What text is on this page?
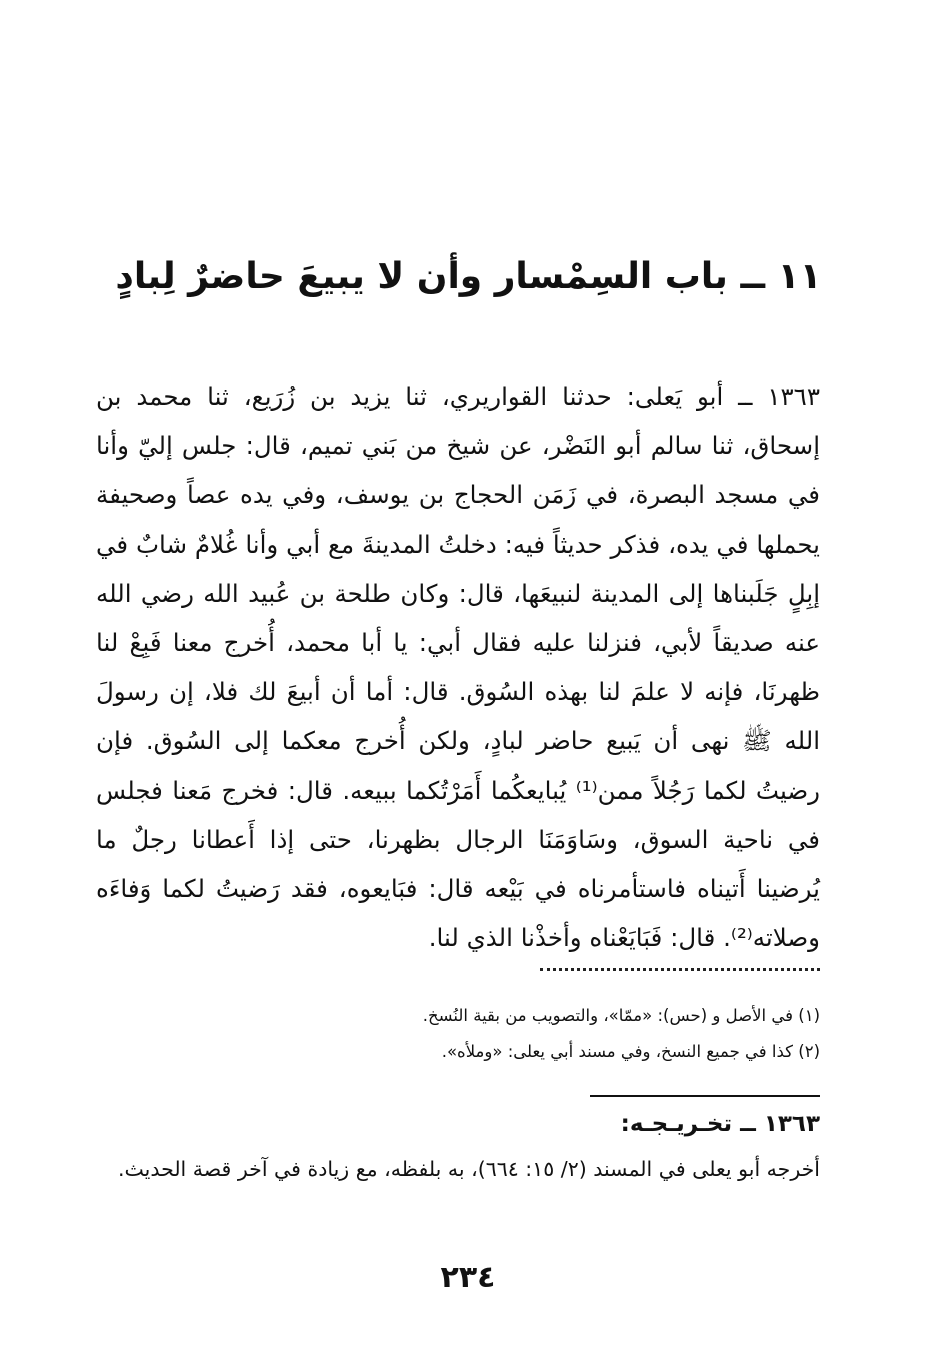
١١ ــ باب السِمْسار وأن لا يبيعَ حاضرٌ لِبادٍ

١٣٦٣ ــ أبو يَعلى: حدثنا القواريري، ثنا يزيد بن زُرَيع، ثنا محمد بن إسحاق، ثنا سالم أبو النَضْر، عن شيخ من بَني تميم، قال: جلس إليّ وأنا في مسجد البصرة، في زَمَن الحجاج بن يوسف، وفي يده عصاً وصحيفة يحملها في يده، فذكر حديثاً فيه: دخلتُ المدينةَ مع أبي وأنا غُلامٌ شابٌ في إبِلٍ جَلَبناها إلى المدينة لنبيعَها، قال: وكان طلحة بن عُبيد الله رضي الله عنه صديقاً لأبي، فنزلنا عليه فقال أبي: يا أبا محمد، أُخرج معنا فَبِعْ لنا ظهرنَا، فإنه لا علمَ لنا بهذه السُوق. قال: أما أن أبيعَ لك فلا، إن رسولَ الله ﷺ نهى أن يَبيع حاضر لبادٍ، ولكن أُخرج معكما إلى السُوق. فإن رضيتُ لكما رَجُلاً ممن⁽¹⁾ يُبايعكُما أَمَرْتُكما ببيعه. قال: فخرج مَعنا فجلس في ناحية السوق، وسَاوَمَنَا الرجال بظهرنا، حتى إذا أَعطانا رجلٌ ما يُرضينا أَتيناه فاستأمرناه في بَيْعه قال: فبَايعوه، فقد رَضيتُ لكما وَفاءَه وصلاته⁽²⁾. قال: فَبَايَعْناه وأخذْنا الذي لنا.

(١) في الأصل و (حس): «ممّا»، والتصويب من بقية النُسخ.
(٢) كذا في جميع النسخ، وفي مسند أبي يعلى: «وملأه».
١٣٦٣ ــ تخـريـجـه:

أخرجه أبو يعلى في المسند (٢/ ١٥: ٦٦٤)، به بلفظه، مع زيادة في آخر قصة الحديث.

٢٣٤
